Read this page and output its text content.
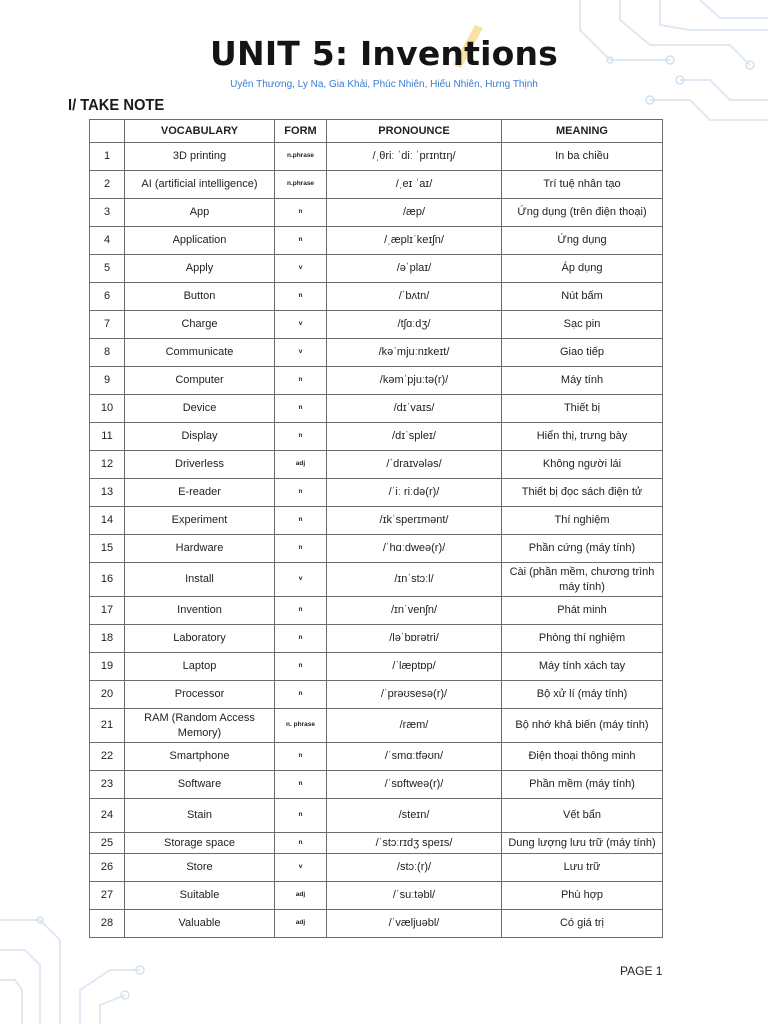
UNIT 5: Inventions
Uyên Thương, Ly Na, Gia Khải, Phúc Nhiên, Hiếu Nhiên, Hưng Thịnh
I/ TAKE NOTE
	VOCABULARY	FORM	PRONOUNCE	MEANING
1	3D printing	n.phrase	/ˌθriː ˈdiː ˈprɪntɪŋ/	In ba chiều
2	AI (artificial intelligence)	n.phrase	/ˌeɪ ˈaɪ/	Trí tuệ nhân tạo
3	App	n	/æp/	Ứng dụng (trên điện thoại)
4	Application	n	/ˌæplɪˈkeɪʃn/	Ứng dụng
5	Apply	v	/əˈplaɪ/	Áp dụng
6	Button	n	/ˈbʌtn/	Nút bấm
7	Charge	v	/tʃɑːdʒ/	Sạc pin
8	Communicate	v	/kəˈmjuːnɪkeɪt/	Giao tiếp
9	Computer	n	/kəmˈpjuːtə(r)/	Máy tính
10	Device	n	/dɪˈvaɪs/	Thiết bị
11	Display	n	/dɪˈspleɪ/	Hiển thị, trưng bày
12	Driverless	adj	/ˈdraɪvələs/	Không người lái
13	E-reader	n	/ˈiː riːdə(r)/	Thiết bị đọc sách điện tử
14	Experiment	n	/ɪkˈsperɪmənt/	Thí nghiệm
15	Hardware	n	/ˈhɑːdweə(r)/	Phần cứng (máy tính)
16	Install	v	/ɪnˈstɔːl/	Cài (phần mềm, chương trình máy tính)
17	Invention	n	/ɪnˈvenʃn/	Phát minh
18	Laboratory	n	/ləˈbɒrətri/	Phòng thí nghiệm
19	Laptop	n	/ˈlæptɒp/	Máy tính xách tay
20	Processor	n	/ˈprəʊsesə(r)/	Bộ xử lí (máy tính)
21	RAM (Random Access Memory)	n. phrase	/ræm/	Bộ nhớ khả biến (máy tính)
22	Smartphone	n	/ˈsmɑːtfəʊn/	Điện thoại thông minh
23	Software	n	/ˈsɒftweə(r)/	Phần mềm (máy tính)
24	Stain	n	/steɪn/	Vết bẩn
25	Storage space	n	/ˈstɔːrɪdʒ speɪs/	Dung lượng lưu trữ (máy tính)
26	Store	v	/stɔː(r)/	Lưu trữ
27	Suitable	adj	/ˈsuːtəbl/	Phù hợp
28	Valuable	adj	/ˈvæljuəbl/	Có giá trị
PAGE 1
